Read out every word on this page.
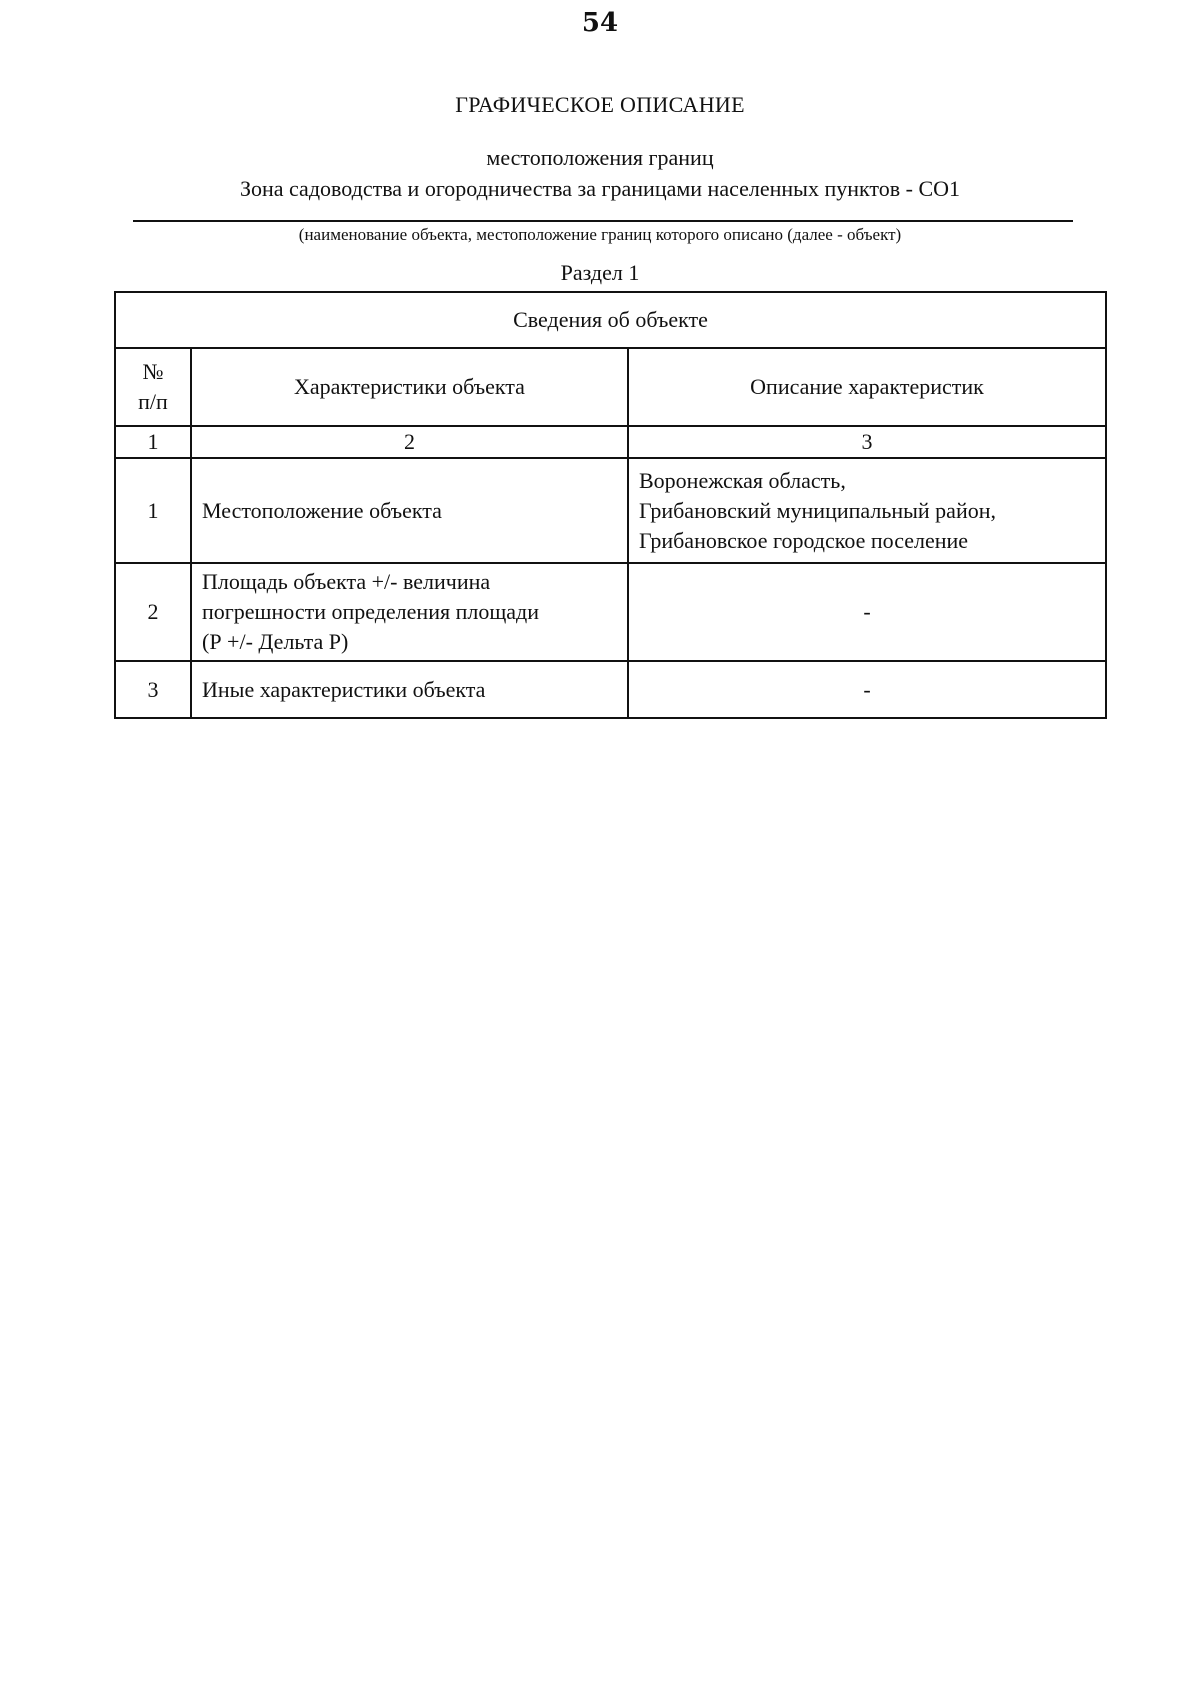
54
ГРАФИЧЕСКОЕ ОПИСАНИЕ
местоположения границ
Зона садоводства и огородничества за границами населенных пунктов - СО1
(наименование объекта, местоположение границ которого описано (далее - объект)
Раздел 1
Сведения об объекте		
№
п/п	Характеристики объекта	Описание характеристик
1	2	3
1	Местоположение объекта	Воронежская область,
Грибановский муниципальный район,
Грибановское городское поселение
2	Площадь объекта +/- величина
погрешности определения площади
(Р +/- Дельта Р)	-
3	Иные характеристики объекта	-
